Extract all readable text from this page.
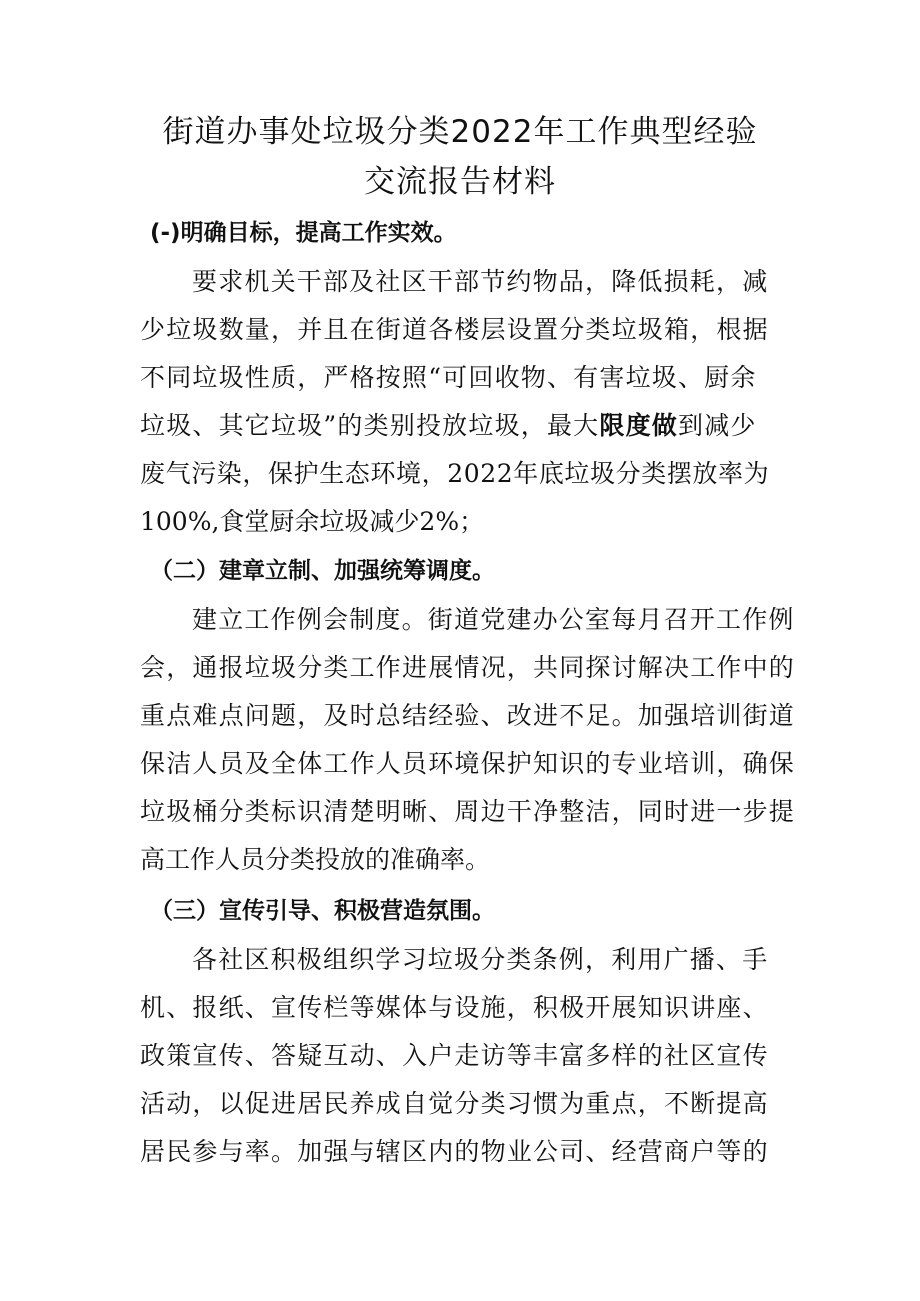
街道办事处垃圾分类2022年工作典型经验
交流报告材料
(-)明确目标，提高工作实效。
要求机关干部及社区干部节约物品，降低损耗，减
少垃圾数量，并且在街道各楼层设置分类垃圾箱，根据
不同垃圾性质，严格按照“可回收物、有害垃圾、厨余
垃圾、其它垃圾”的类别投放垃圾，最大限度做到减少
废气污染，保护生态环境，2022年底垃圾分类摆放率为
100%,食堂厨余垃圾减少2%；
（二）建章立制、加强统筹调度。
建立工作例会制度。街道党建办公室每月召开工作例
会，通报垃圾分类工作进展情况，共同探讨解决工作中的
重点难点问题，及时总结经验、改进不足。加强培训街道
保洁人员及全体工作人员环境保护知识的专业培训，确保
垃圾桶分类标识清楚明晰、周边干净整洁，同时进一步提
高工作人员分类投放的准确率。
（三）宣传引导、积极营造氛围。
各社区积极组织学习垃圾分类条例，利用广播、手
机、报纸、宣传栏等媒体与设施，积极开展知识讲座、
政策宣传、答疑互动、入户走访等丰富多样的社区宣传
活动，以促进居民养成自觉分类习惯为重点，不断提高
居民参与率。加强与辖区内的物业公司、经营商户等的
